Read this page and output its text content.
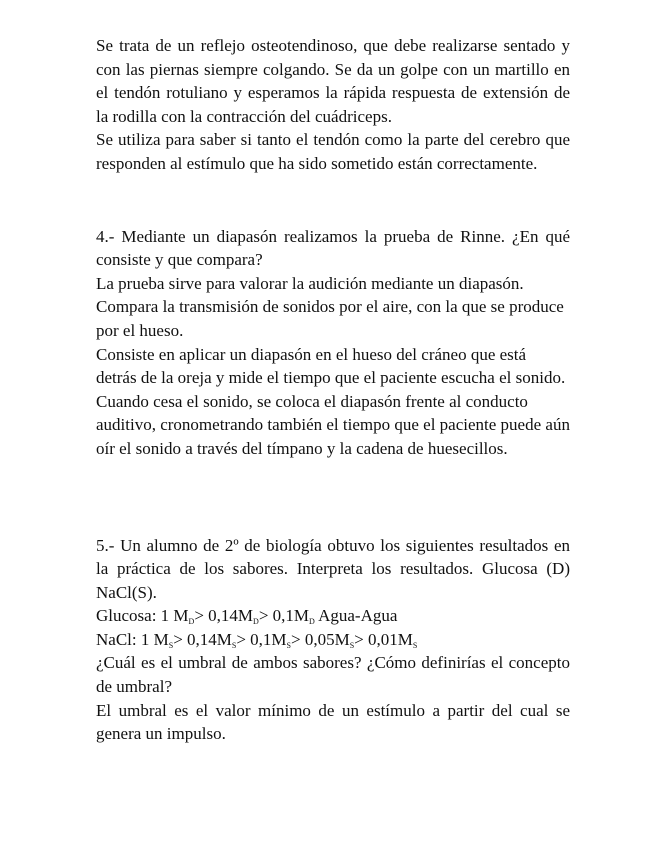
Se trata de un reflejo osteotendinoso, que debe realizarse sentado y con las piernas siempre colgando. Se da un golpe con un martillo en el tendón rotuliano y esperamos la rápida respuesta de extensión de la rodilla con la contracción del cuádriceps.

Se utiliza para saber si tanto el tendón como la parte del cerebro que responden al estímulo que ha sido sometido están correctamente.

4.- Mediante un diapasón realizamos la prueba de Rinne. ¿En qué consiste y que compara?

La prueba sirve para valorar la audición mediante un diapasón. Compara la transmisión de sonidos por el aire, con la que se produce por el hueso.

Consiste en aplicar un diapasón en el hueso del cráneo que está detrás de la oreja y mide el tiempo que el paciente escucha el sonido. Cuando cesa el sonido, se coloca el diapasón frente al conducto auditivo, cronometrando también el tiempo que el paciente puede aún oír el sonido a través del tímpano y la cadena de huesecillos.

5.- Un alumno de 2º de biología obtuvo los siguientes resultados en la práctica de los sabores. Interpreta los resultados. Glucosa (D) NaCl(S).

Glucosa: 1 $M_D> 0,14M_D> 0,1M_D$ Agua-Agua

NaCl: 1 $M_S> 0,14M_S> 0,1M_S> 0,05M_S> 0,01M_S$

¿Cuál es el umbral de ambos sabores? ¿Cómo definirías el concepto de umbral?

El umbral es el valor mínimo de un estímulo a partir del cual se genera un impulso.
